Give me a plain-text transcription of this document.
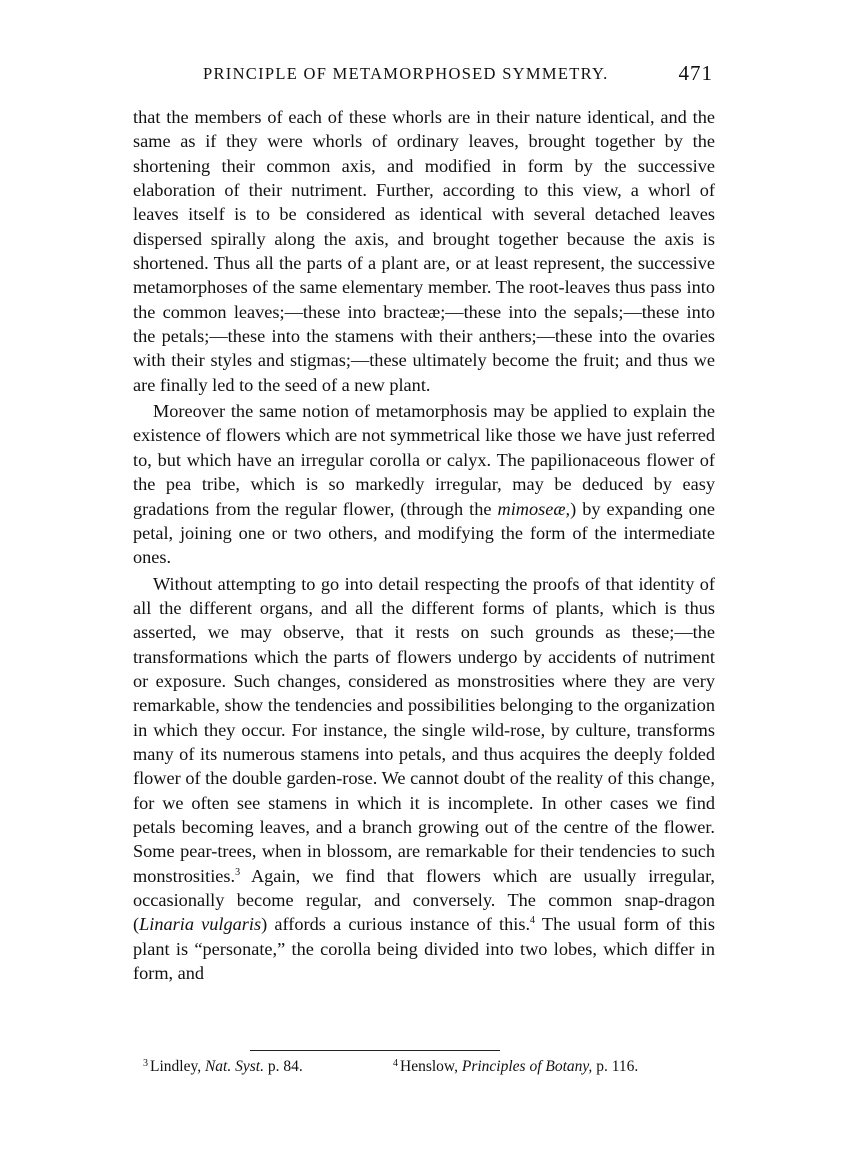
PRINCIPLE OF METAMORPHOSED SYMMETRY.	471

that the members of each of these whorls are in their nature identical, and the same as if they were whorls of ordinary leaves, brought together by the shortening their common axis, and modified in form by the successive elaboration of their nutriment. Further, according to this view, a whorl of leaves itself is to be considered as identical with several detached leaves dispersed spirally along the axis, and brought together because the axis is shortened. Thus all the parts of a plant are, or at least represent, the successive metamorphoses of the same elementary member. The root-leaves thus pass into the common leaves;—these into bracteæ;—these into the sepals;—these into the petals;—these into the stamens with their anthers;—these into the ovaries with their styles and stigmas;—these ultimately become the fruit; and thus we are finally led to the seed of a new plant.

Moreover the same notion of metamorphosis may be applied to explain the existence of flowers which are not symmetrical like those we have just referred to, but which have an irregular corolla or calyx. The papilionaceous flower of the pea tribe, which is so markedly irregular, may be deduced by easy gradations from the regular flower, (through the mimoseæ,) by expanding one petal, joining one or two others, and modifying the form of the intermediate ones.

Without attempting to go into detail respecting the proofs of that identity of all the different organs, and all the different forms of plants, which is thus asserted, we may observe, that it rests on such grounds as these;—the transformations which the parts of flowers undergo by accidents of nutriment or exposure. Such changes, considered as monstrosities where they are very remarkable, show the tendencies and possibilities belonging to the organization in which they occur. For instance, the single wild-rose, by culture, transforms many of its numerous stamens into petals, and thus acquires the deeply folded flower of the double garden-rose. We cannot doubt of the reality of this change, for we often see stamens in which it is incomplete. In other cases we find petals becoming leaves, and a branch growing out of the centre of the flower. Some pear-trees, when in blossom, are remarkable for their tendencies to such monstrosities.$^3$ Again, we find that flowers which are usually irregular, occasionally become regular, and conversely. The common snap-dragon (Linaria vulgaris) affords a curious instance of this.$^4$ The usual form of this plant is “personate,” the corolla being divided into two lobes, which differ in form, and

$^3$ Lindley, Nat. Syst. p. 84.	$^4$ Henslow, Principles of Botany, p. 116.
